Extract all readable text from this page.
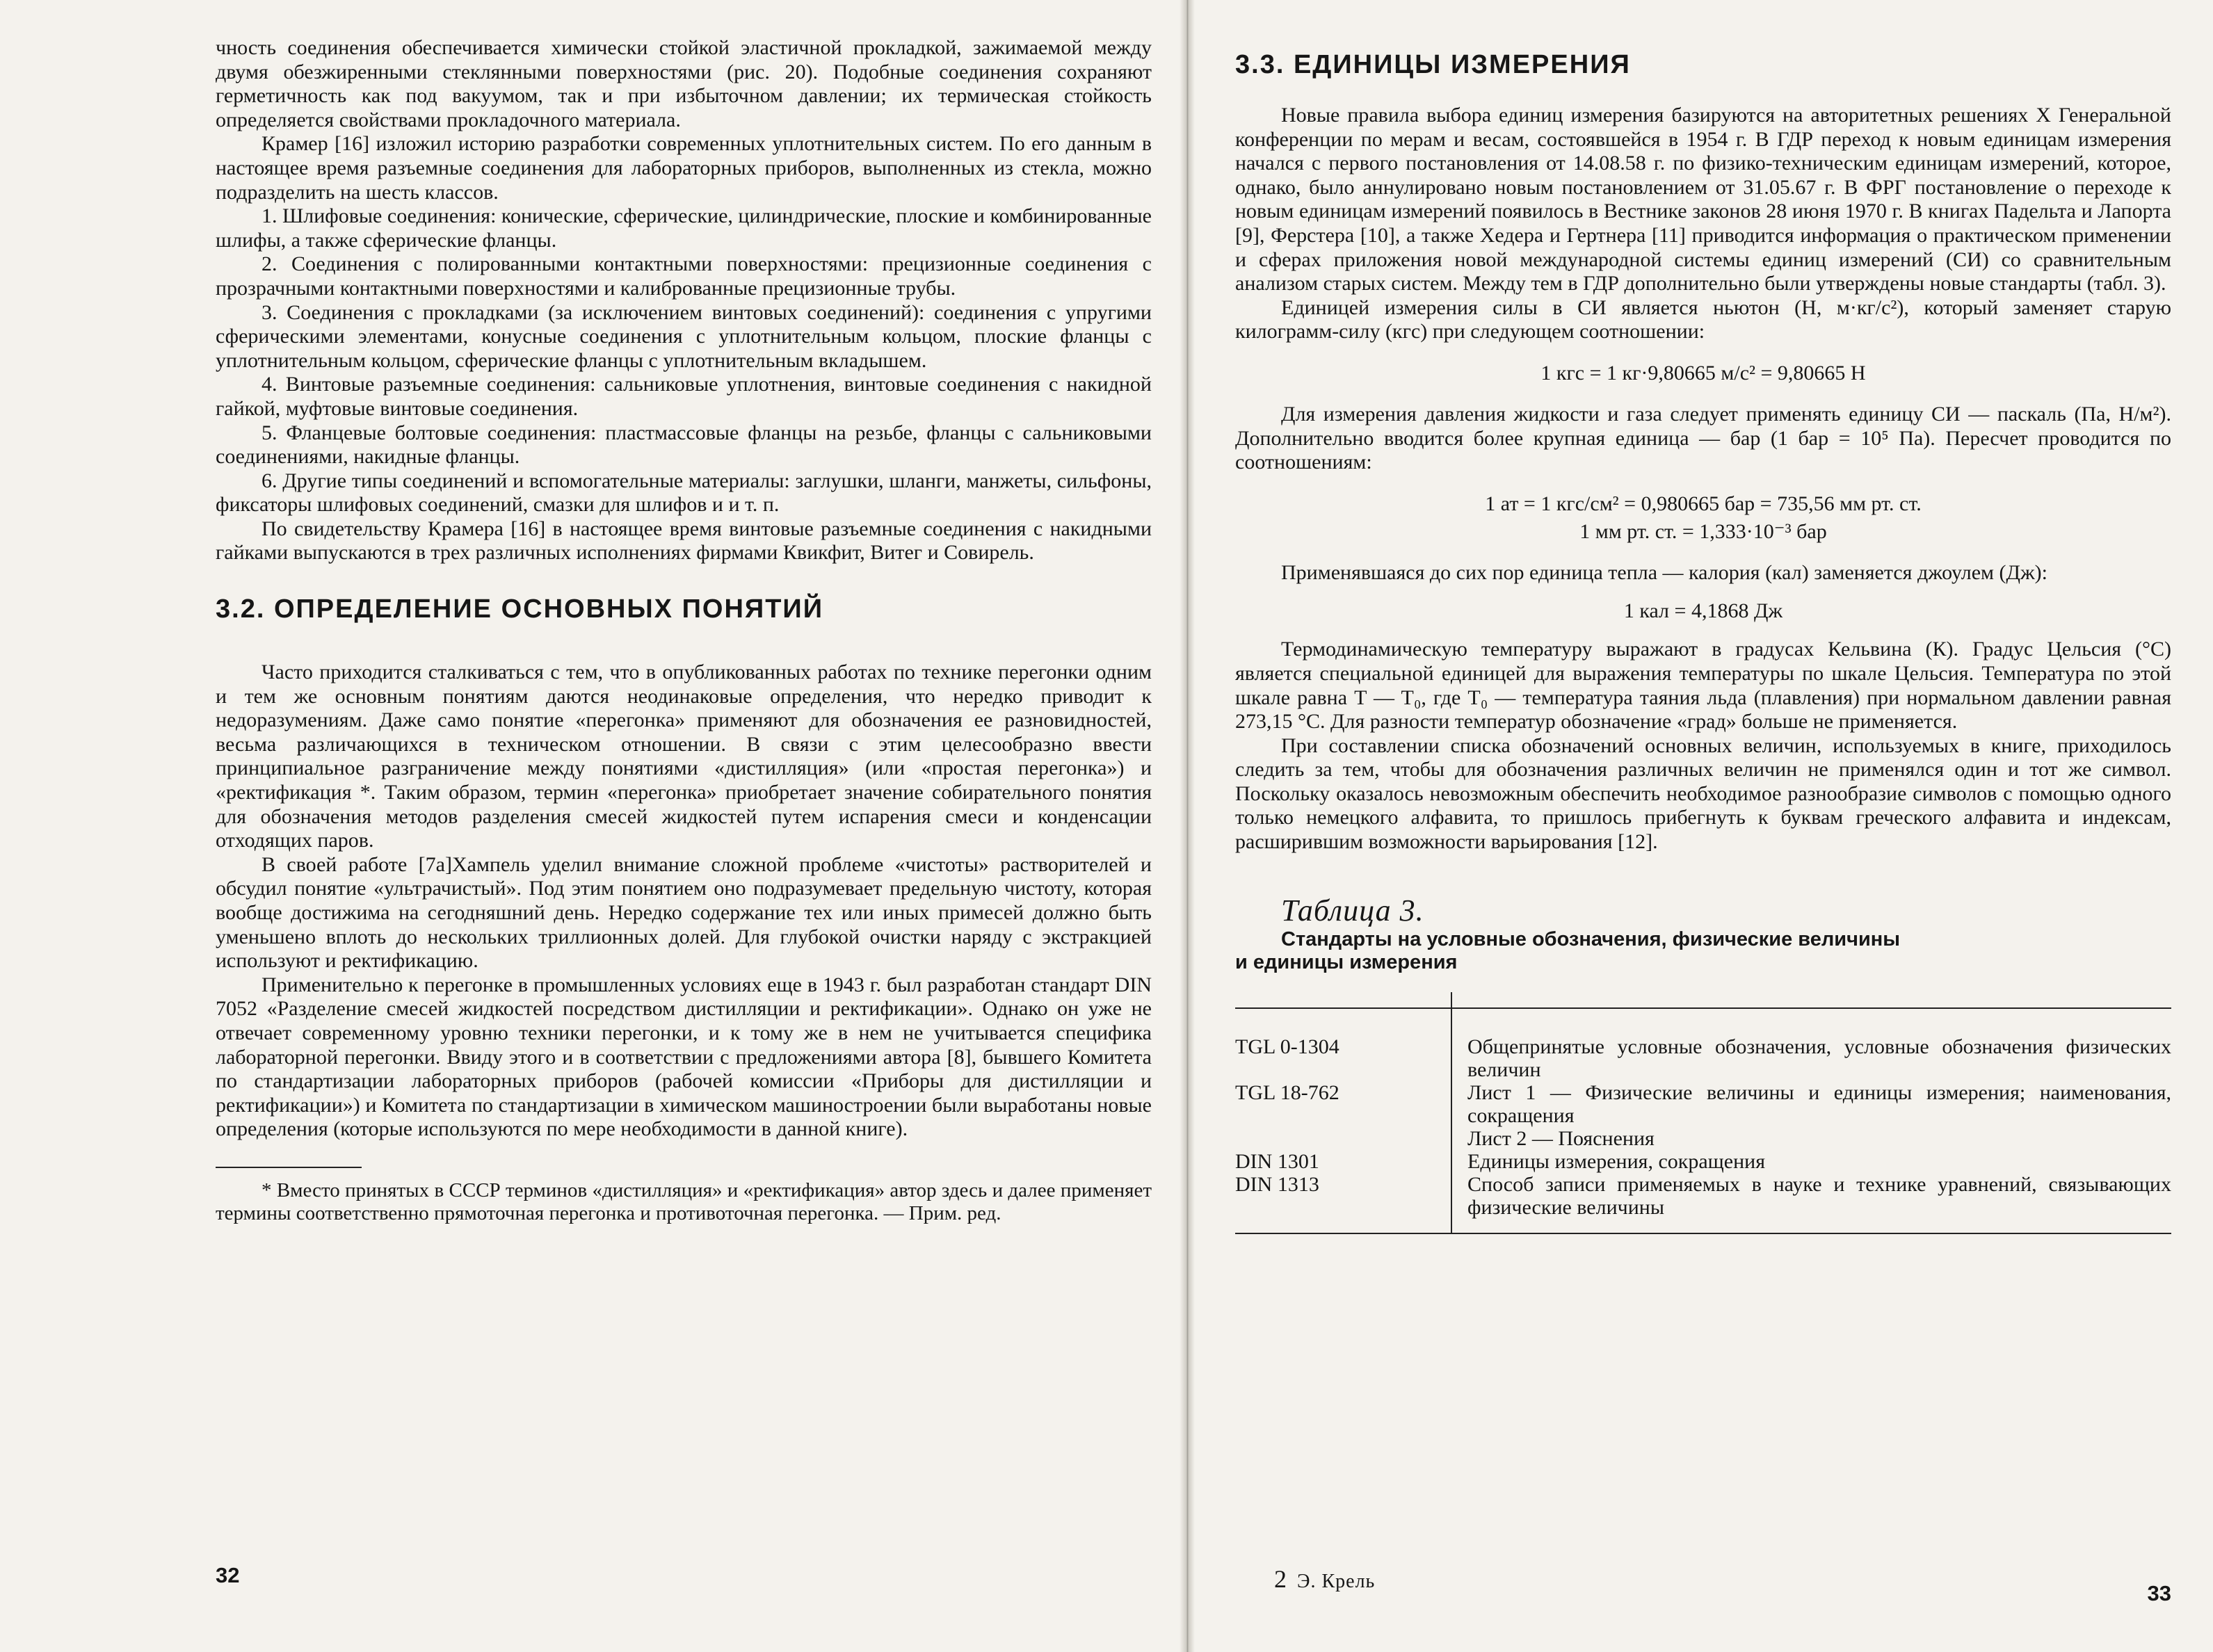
чность соединения обеспечивается химически стойкой эластичной прокладкой, зажимаемой между двумя обезжиренными стеклянными поверхностями (рис. 20). Подобные соединения сохраняют герметичность как под вакуумом, так и при избыточном давлении; их термическая стойкость определяется свойствами прокладочного материала.

Крамер [16] изложил историю разработки современных уплотнительных систем. По его данным в настоящее время разъемные соединения для лабораторных приборов, выполненных из стекла, можно подразделить на шесть классов.

1. Шлифовые соединения: конические, сферические, цилиндрические, плоские и комбинированные шлифы, а также сферические фланцы.

2. Соединения с полированными контактными поверхностями: прецизионные соединения с прозрачными контактными поверхностями и калиброванные прецизионные трубы.

3. Соединения с прокладками (за исключением винтовых соединений): соединения с упругими сферическими элементами, конусные соединения с уплотнительным кольцом, плоские фланцы с уплотнительным кольцом, сферические фланцы с уплотнительным вкладышем.

4. Винтовые разъемные соединения: сальниковые уплотнения, винтовые соединения с накидной гайкой, муфтовые винтовые соединения.

5. Фланцевые болтовые соединения: пластмассовые фланцы на резьбе, фланцы с сальниковыми соединениями, накидные фланцы.

6. Другие типы соединений и вспомогательные материалы: заглушки, шланги, манжеты, сильфоны, фиксаторы шлифовых соединений, смазки для шлифов и и т. п.

По свидетельству Крамера [16] в настоящее время винтовые разъемные соединения с накидными гайками выпускаются в трех различных исполнениях фирмами Квикфит, Витег и Совирель.

3.2. ОПРЕДЕЛЕНИЕ ОСНОВНЫХ ПОНЯТИЙ

Часто приходится сталкиваться с тем, что в опубликованных работах по технике перегонки одним и тем же основным понятиям даются неодинаковые определения, что нередко приводит к недоразумениям. Даже само понятие «перегонка» применяют для обозначения ее разновидностей, весьма различающихся в техническом отношении. В связи с этим целесообразно ввести принципиальное разграничение между понятиями «дистилляция» (или «простая перегонка») и «ректификация *. Таким образом, термин «перегонка» приобретает значение собирательного понятия для обозначения методов разделения смесей жидкостей путем испарения смеси и конденсации отходящих паров.

В своей работе [7а]Хампель уделил внимание сложной проблеме «чистоты» растворителей и обсудил понятие «ультрачистый». Под этим понятием оно подразумевает предельную чистоту, которая вообще достижима на сегодняшний день. Нередко содержание тех или иных примесей должно быть уменьшено вплоть до нескольких триллионных долей. Для глубокой очистки наряду с экстракцией используют и ректификацию.

Применительно к перегонке в промышленных условиях еще в 1943 г. был разработан стандарт DIN 7052 «Разделение смесей жидкостей посредством дистилляции и ректификации». Однако он уже не отвечает современному уровню техники перегонки, и к тому же в нем не учитывается специфика лабораторной перегонки. Ввиду этого и в соответствии с предложениями автора [8], бывшего Комитета по стандартизации лабораторных приборов (рабочей комиссии «Приборы для дистилляции и ректификации») и Комитета по стандартизации в химическом машиностроении были выработаны новые определения (которые используются по мере необходимости в данной книге).

* Вместо принятых в СССР терминов «дистилляция» и «ректификация» автор здесь и далее применяет термины соответственно прямоточная перегонка и противоточная перегонка. — Прим. ред.

32
3.3. ЕДИНИЦЫ ИЗМЕРЕНИЯ

Новые правила выбора единиц измерения базируются на авторитетных решениях X Генеральной конференции по мерам и весам, состоявшейся в 1954 г. В ГДР переход к новым единицам измерения начался с первого постановления от 14.08.58 г. по физико-техническим единицам измерений, которое, однако, было аннулировано новым постановлением от 31.05.67 г. В ФРГ постановление о переходе к новым единицам измерений появилось в Вестнике законов 28 июня 1970 г. В книгах Падельта и Лапорта [9], Ферстера [10], а также Хедера и Гертнера [11] приводится информация о практическом применении и сферах приложения новой международной системы единиц измерений (СИ) со сравнительным анализом старых систем. Между тем в ГДР дополнительно были утверждены новые стандарты (табл. 3).

Единицей измерения силы в СИ является ньютон (Н, м·кг/с²), который заменяет старую килограмм-силу (кгс) при следующем соотношении:

1 кгс = 1 кг·9,80665 м/с² = 9,80665 Н

Для измерения давления жидкости и газа следует применять единицу СИ — паскаль (Па, Н/м²). Дополнительно вводится более крупная единица — бар (1 бар = 10⁵ Па). Пересчет проводится по соотношениям:

1 ат = 1 кгс/см² = 0,980665 бар = 735,56 мм рт. ст.

1 мм рт. ст. = 1,333·10⁻³ бар

Применявшаяся до сих пор единица тепла — калория (кал) заменяется джоулем (Дж):

1 кал = 4,1868 Дж

Термодинамическую температуру выражают в градусах Кельвина (К). Градус Цельсия (°С) является специальной единицей для выражения температуры по шкале Цельсия. Температура по этой шкале равна T — T₀, где T₀ — температура таяния льда (плавления) при нормальном давлении равная 273,15 °С. Для разности температур обозначение «град» больше не применяется.

При составлении списка обозначений основных величин, используемых в книге, приходилось следить за тем, чтобы для обозначения различных величин не применялся один и тот же символ. Поскольку оказалось невозможным обеспечить необходимое разнообразие символов с помощью одного только немецкого алфавита, то пришлось прибегнуть к буквам греческого алфавита и индексам, расширившим возможности варьирования [12].

Таблица 3.

Стандарты на условные обозначения, физические величины
и единицы измерения

TGL 0-1304	Общепринятые условные обозначения, условные обозначения физических величин
TGL 18-762	Лист 1 — Физические величины и единицы измерения; наименования, сокращения
	Лист 2 — Пояснения
DIN 1301	Единицы измерения, сокращения
DIN 1313	Способ записи применяемых в науке и технике уравнений, связывающих физические величины

2 Э. Крель	33
